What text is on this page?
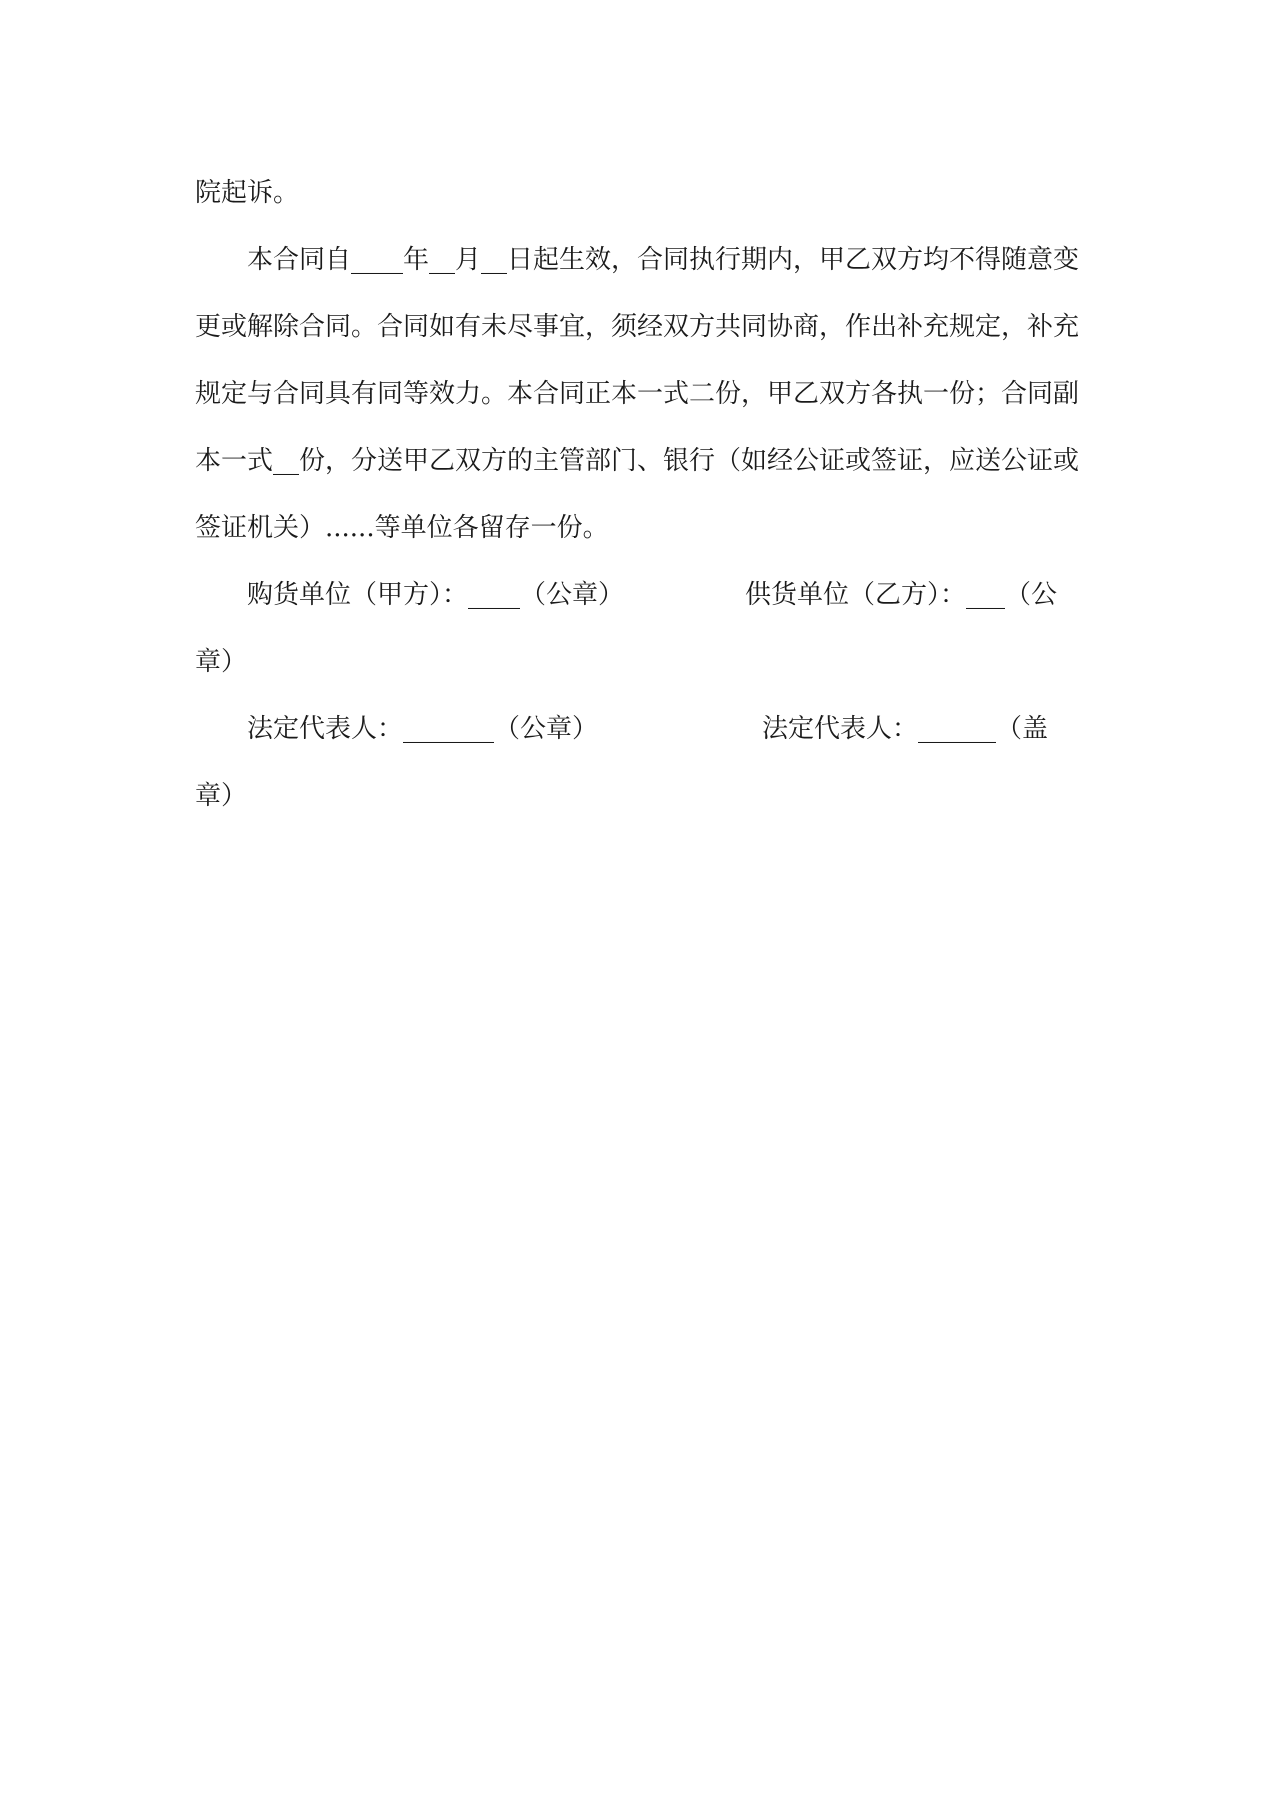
院起诉。

本合同自____年__月__日起生效，合同执行期内，甲乙双方均不得随意变更或解除合同。合同如有未尽事宜，须经双方共同协商，作出补充规定，补充规定与合同具有同等效力。本合同正本一式二份，甲乙双方各执一份；合同副本一式__份，分送甲乙双方的主管部门、银行（如经公证或签证，应送公证或签证机关）......等单位各留存一份。

购货单位（甲方）：____（公章）	供货单位（乙方）：___（公
章）
法定代表人：_______（公章）	法定代表人：______（盖
章）
